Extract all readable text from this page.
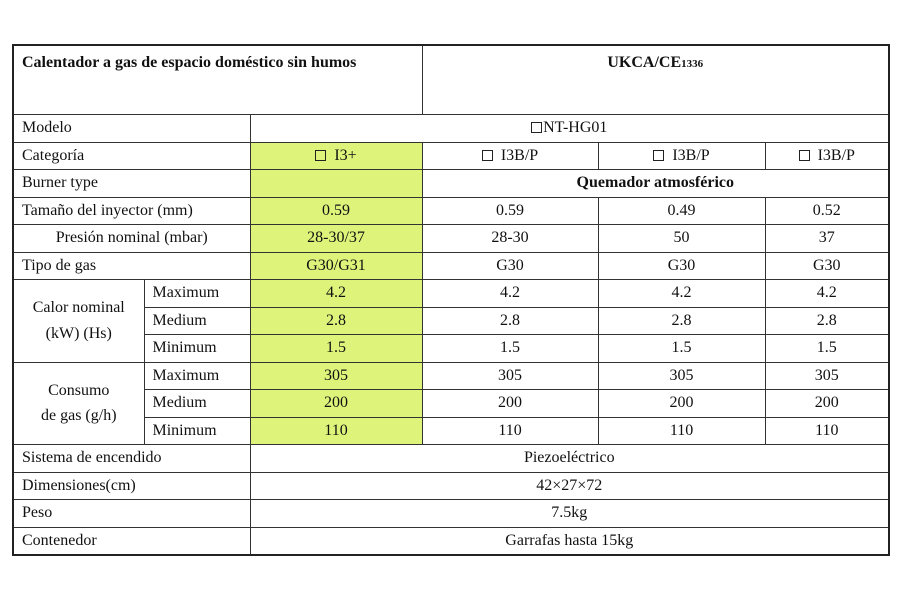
Calentador a gas de espacio doméstico sin humos			UKCA/CE1336		
Modelo		NT-HG01			
Categoría		I3+	I3B/P	I3B/P	I3B/P
Burner type			Quemador atmosférico		
Tamaño del inyector (mm)		0.59	0.59	0.49	0.52
Presión nominal (mbar)		28-30/37	28-30	50	37
Tipo de gas		G30/G31	G30	G30	G30
Calor nominal
(kW) (Hs)	Maximum	4.2	4.2	4.2	4.2
	Medium	2.8	2.8	2.8	2.8
	Minimum	1.5	1.5	1.5	1.5
Consumo
de gas (g/h)	Maximum	305	305	305	305
	Medium	200	200	200	200
	Minimum	110	110	110	110
Sistema de encendido		Piezoeléctrico			
Dimensiones(cm)		42×27×72			
Peso		7.5kg			
Contenedor		Garrafas hasta 15kg			
